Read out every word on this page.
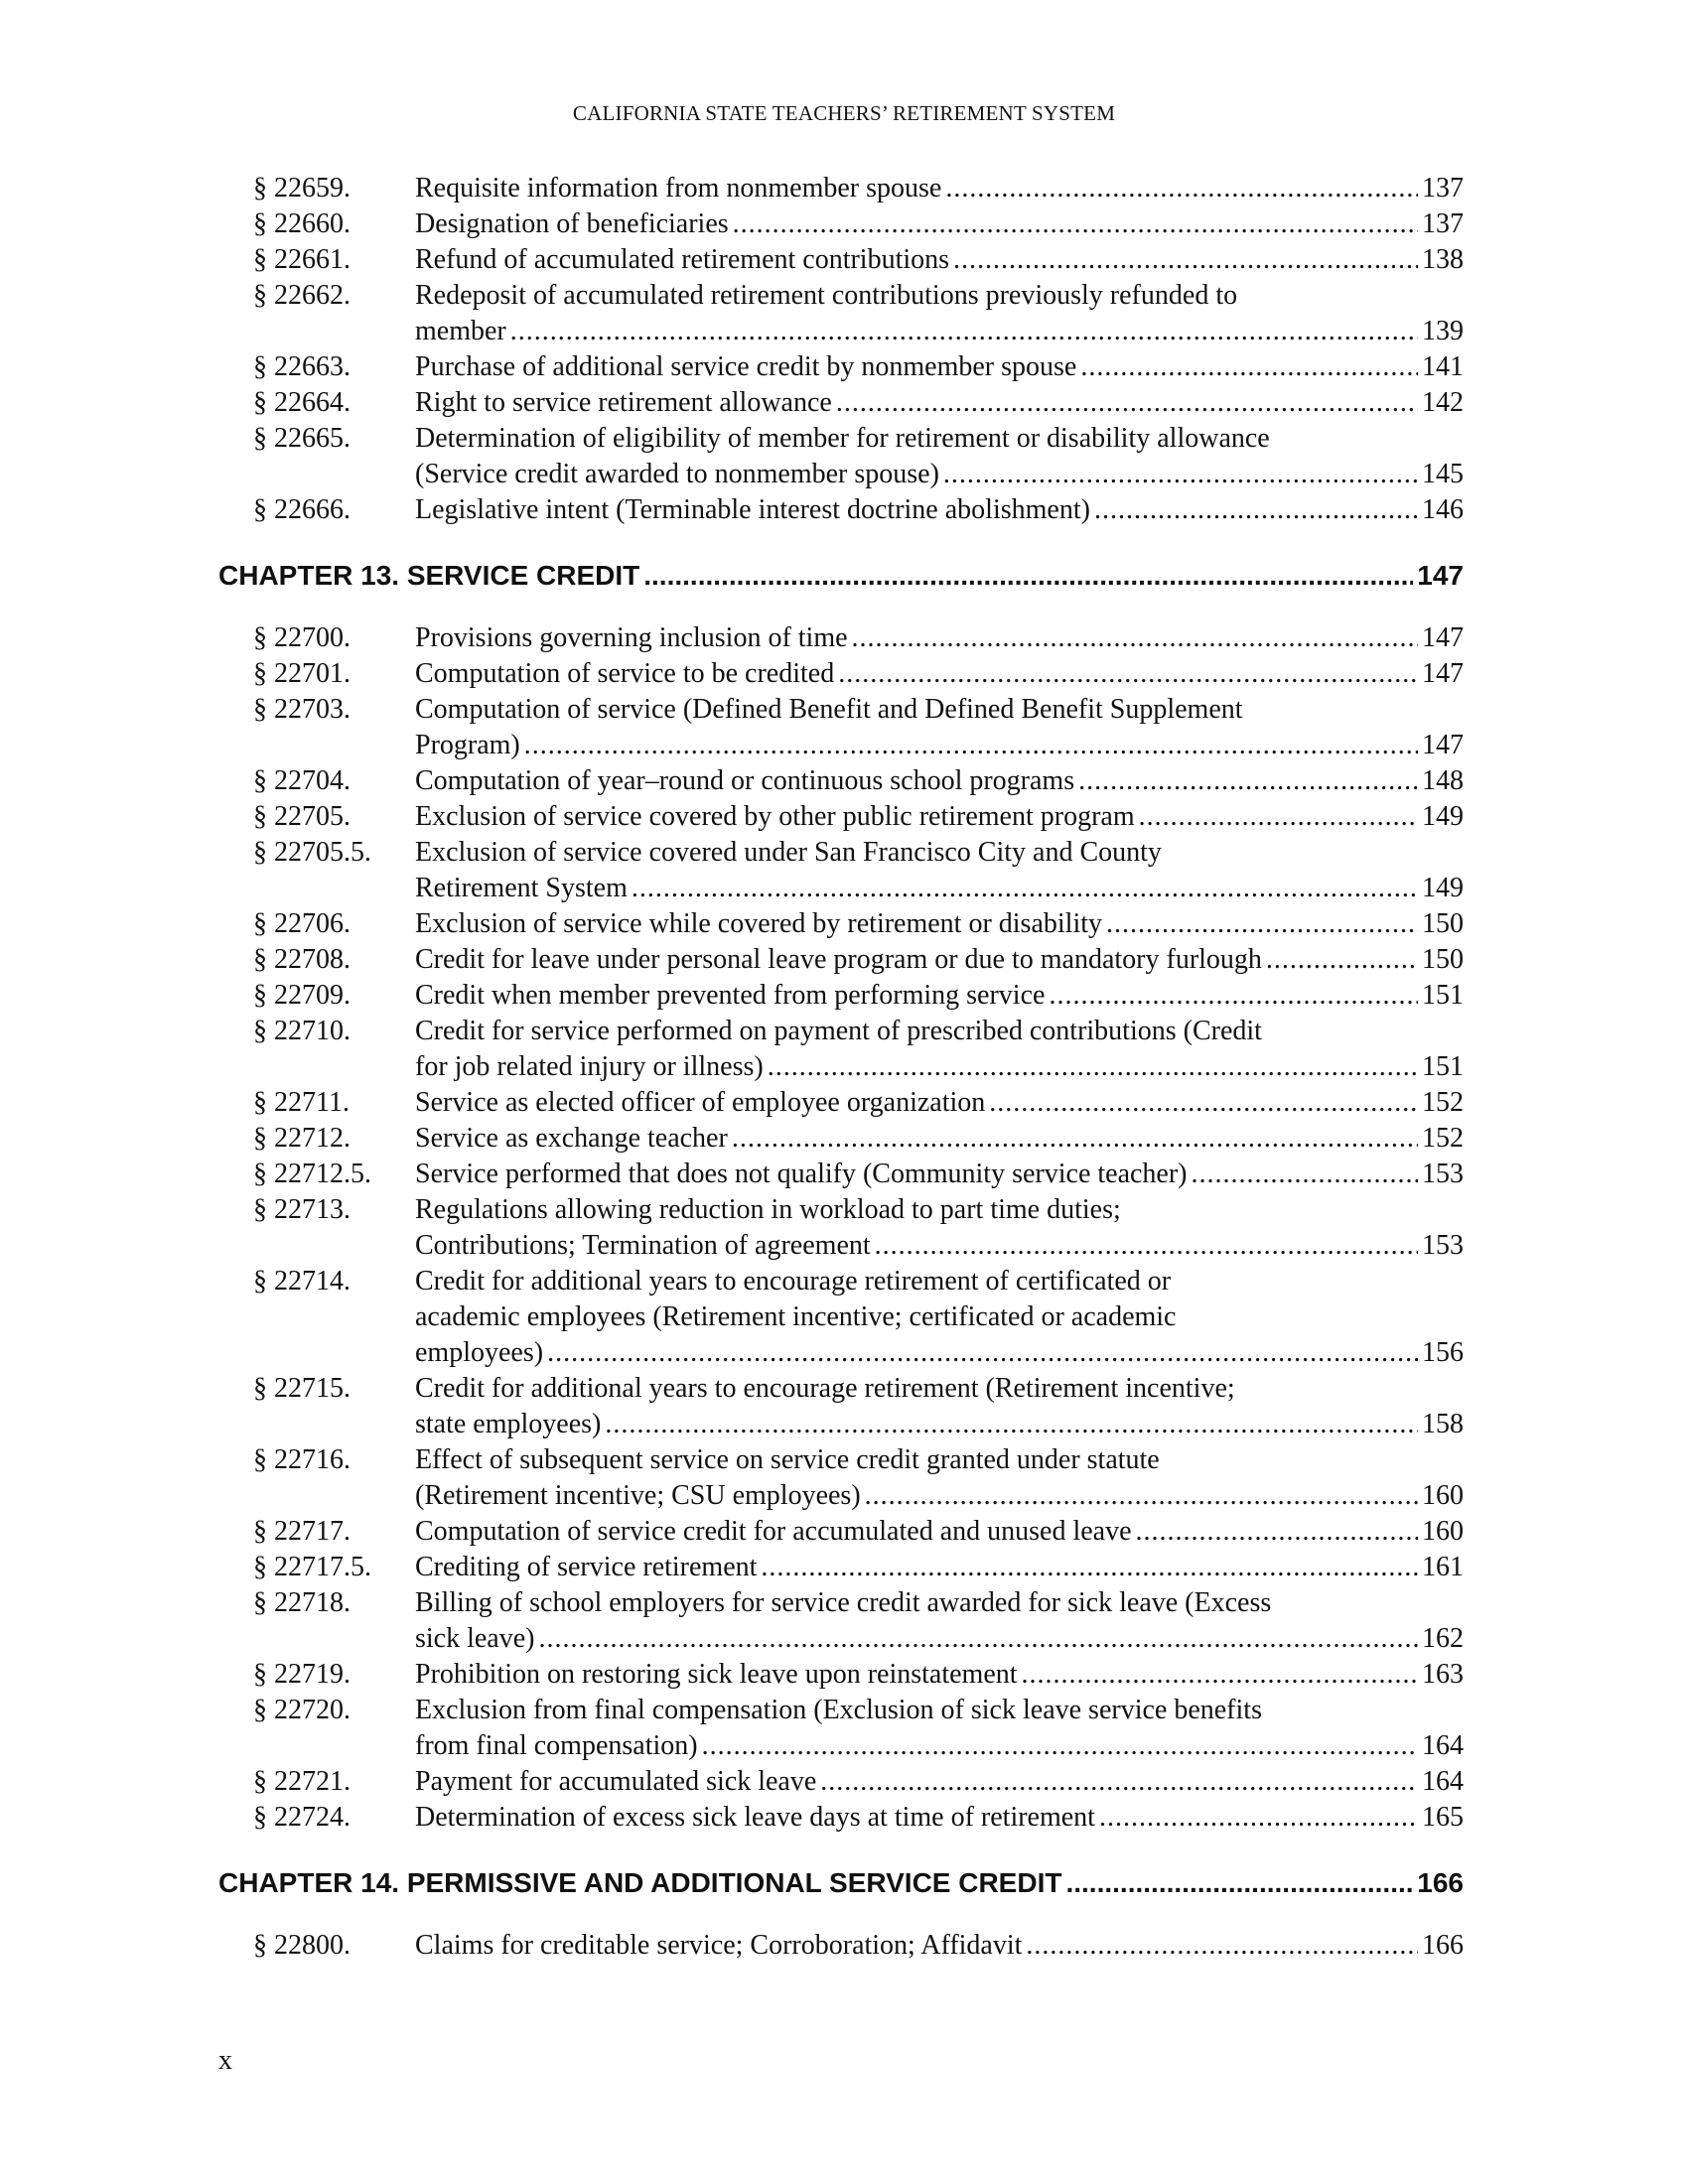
CALIFORNIA STATE TEACHERS’ RETIREMENT SYSTEM
§ 22659.	Requisite information from nonmember spouse .....	137
§ 22660.	Designation of beneficiaries .....	137
§ 22661.	Refund of accumulated retirement contributions .....	138
§ 22662.	Redeposit of accumulated retirement contributions previously refunded to
member .....	139
§ 22663.	Purchase of additional service credit by nonmember spouse .....	141
§ 22664.	Right to service retirement allowance .....	142
§ 22665.	Determination of eligibility of member for retirement or disability allowance
(Service credit awarded to nonmember spouse) .....	145
§ 22666.	Legislative intent (Terminable interest doctrine abolishment) .....	146
CHAPTER 13. SERVICE CREDIT .....	147
§ 22700.	Provisions governing inclusion of time .....	147
§ 22701.	Computation of service to be credited .....	147
§ 22703.	Computation of service (Defined Benefit and Defined Benefit Supplement
Program) .....	147
§ 22704.	Computation of year–round or continuous school programs .....	148
§ 22705.	Exclusion of service covered by other public retirement program .....	149
§ 22705.5.	Exclusion of service covered under San Francisco City and County
Retirement System .....	149
§ 22706.	Exclusion of service while covered by retirement or disability .....	150
§ 22708.	Credit for leave under personal leave program or due to mandatory furlough .....	150
§ 22709.	Credit when member prevented from performing service .....	151
§ 22710.	Credit for service performed on payment of prescribed contributions (Credit
for job related injury or illness) .....	151
§ 22711.	Service as elected officer of employee organization .....	152
§ 22712.	Service as exchange teacher .....	152
§ 22712.5.	Service performed that does not qualify (Community service teacher) .....	153
§ 22713.	Regulations allowing reduction in workload to part time duties;
Contributions; Termination of agreement .....	153
§ 22714.	Credit for additional years to encourage retirement of certificated or
academic employees (Retirement incentive; certificated or academic
employees) .....	156
§ 22715.	Credit for additional years to encourage retirement (Retirement incentive;
state employees) .....	158
§ 22716.	Effect of subsequent service on service credit granted under statute
(Retirement incentive; CSU employees) .....	160
§ 22717.	Computation of service credit for accumulated and unused leave .....	160
§ 22717.5.	Crediting of service retirement .....	161
§ 22718.	Billing of school employers for service credit awarded for sick leave (Excess
sick leave) .....	162
§ 22719.	Prohibition on restoring sick leave upon reinstatement .....	163
§ 22720.	Exclusion from final compensation (Exclusion of sick leave service benefits
from final compensation) .....	164
§ 22721.	Payment for accumulated sick leave .....	164
§ 22724.	Determination of excess sick leave days at time of retirement .....	165
CHAPTER 14. PERMISSIVE AND ADDITIONAL SERVICE CREDIT .....	166
§ 22800.	Claims for creditable service; Corroboration; Affidavit .....	166
x
